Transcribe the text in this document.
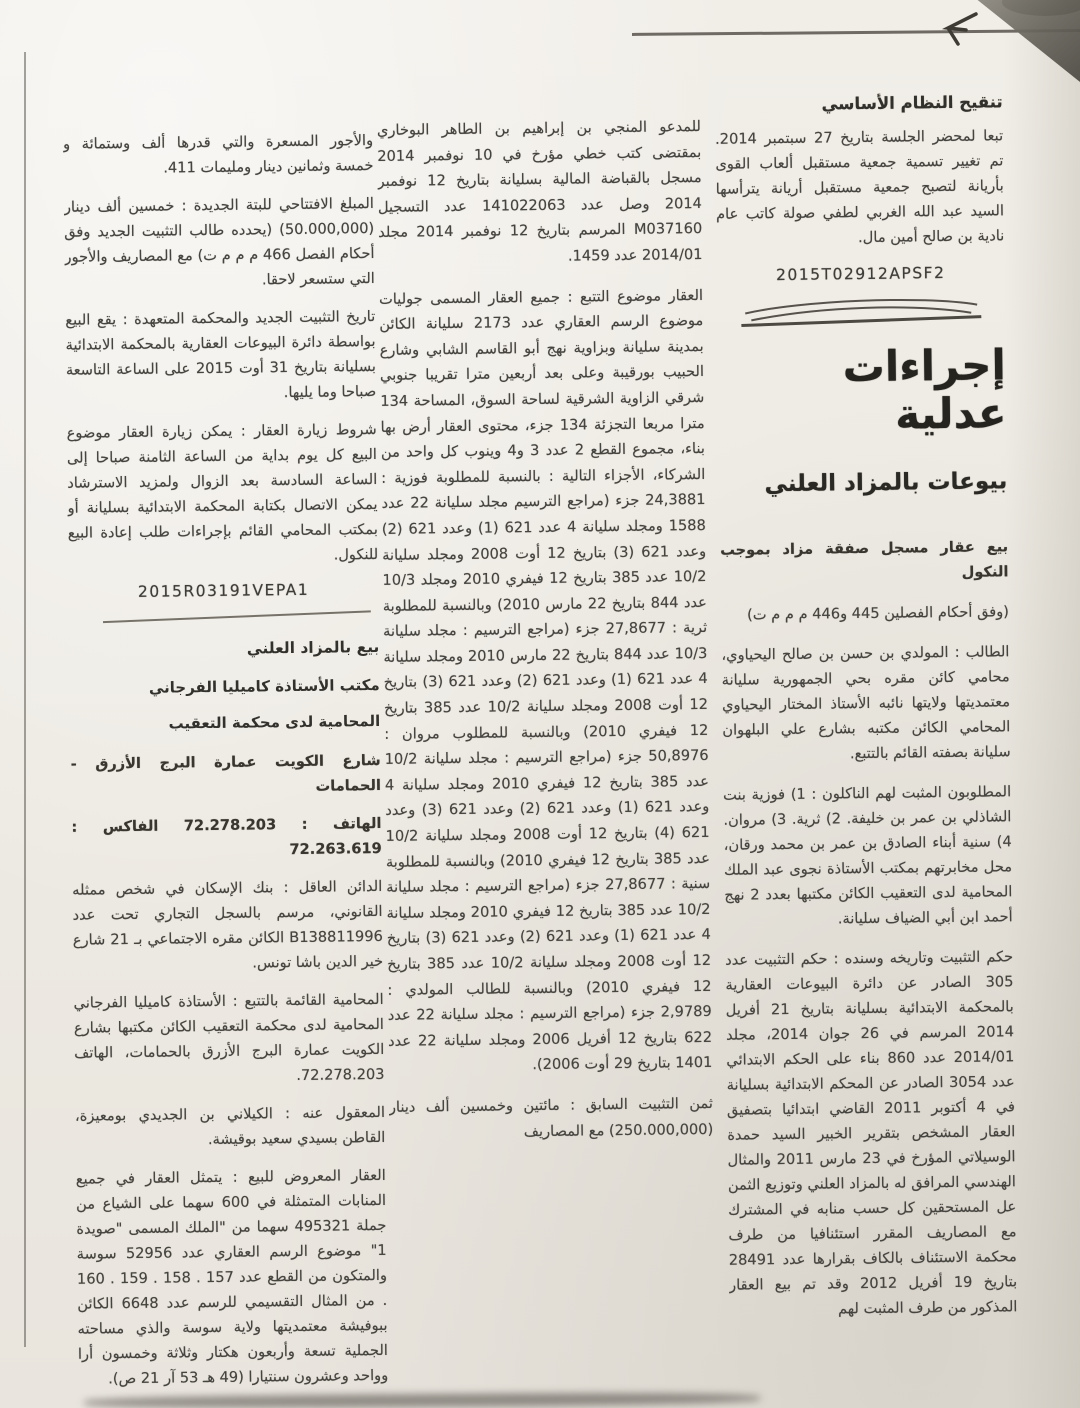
تنقيح النظام الأساسي

تبعا لمحضر الجلسة بتاريخ 27 سبتمبر 2014. تم تغيير تسمية جمعية مستقبل ألعاب القوى بأريانة لتصبح جمعية مستقبل أريانة يترأسها السيد عبد الله الغربي لطفي صولة كاتب عام نادية بن صالح أمين مال.

2015T02912APSF2
إجراءات عدلية
بيوعات بالمزاد العلني

بيع عقار مسجل صفقة مزاد بموجب النكول

(وفق أحكام الفصلين 445 و446 م م م ت)

الطالب : المولدي بن حسن بن صالح اليحياوي، محامي كائن مقره بحي الجمهورية سليانة معتمديتها ولايتها نائبه الأستاذ المختار اليحياوي المحامي الكائن مكتبه بشارع علي البلهوان سليانة بصفته القائم بالتتبع.

المطلوبون المثبت لهم الناكلون : 1) فوزية بنت الشاذلي بن عمر بن خليفة. 2) ثرية. 3) مروان. 4) سنية أبناء الصادق بن عمر بن محمد ورقان، محل مخابرتهم بمكتب الأستاذة نجوى عبد الملك المحامية لدى التعقيب الكائن مكتبها بعدد 2 نهج أحمد ابن أبي الضياف سليانة.

حكم التثبيت وتاريخه وسنده : حكم التثبيت عدد 305 الصادر عن دائرة البيوعات العقارية بالمحكمة الابتدائية بسليانة بتاريخ 21 أفريل 2014 المرسم في 26 جوان 2014، مجلد 2014/01 عدد 860 بناء على الحكم الابتدائي عدد 3054 الصادر عن المحكم الابتدائية بسليانة في 4 أكتوبر 2011 القاضي ابتدائيا بتصفيق العقار المشخص بتقرير الخبير السيد حمدة الوسيلاتي المؤرخ في 23 مارس 2011 والمثال الهندسي المرافق له بالمزاد العلني وتوزيع الثمن عل المستحقين كل حسب منابه في المشترك مع المصاريف المقرر استئنافيا من طرف محكمة الاستئناف بالكاف بقرارها عدد 28491 بتاريخ 19 أفريل 2012 وقد تم بيع العقار المذكور من طرف المثبت لهم

للمدعو المنجي بن إبراهيم بن الطاهر البوخاري بمقتضى كتب خطي مؤرخ في 10 نوفمبر 2014 مسجل بالقباضة المالية بسليانة بتاريخ 12 نوفمبر 2014 وصل عدد 141022063 عدد التسجيل M037160 المرسم بتاريخ 12 نوفمبر 2014 مجلد 2014/01 عدد 1459.

العقار موضوع التتبع : جميع العقار المسمى جوليات موضوع الرسم العقاري عدد 2173 سليانة الكائن بمدينة سليانة وبزاوية نهج أبو القاسم الشابي وشارع الحبيب بورقيبة وعلى بعد أربعين مترا تقريبا جنوبي شرقي الزاوية الشرقية لساحة السوق، المساحة 134 مترا مربعا التجزئة 134 جزء، محتوى العقار أرض بها بناء، مجموع القطع 2 عدد 3 و4 وينوب كل واحد من الشركاء، الأجزاء التالية : بالنسبة للمطلوبة فوزية : 24,3881 جزء (مراجع الترسيم مجلد سليانة 22 عدد 1588 ومجلد سليانة 4 عدد 621 (1) وعدد 621 (2) وعدد 621 (3) بتاريخ 12 أوت 2008 ومجلد سليانة 10/2 عدد 385 بتاريخ 12 فيفري 2010 ومجلد 10/3 عدد 844 بتاريخ 22 مارس 2010) وبالنسبة للمطلوبة ثرية : 27,8677 جزء (مراجع الترسيم : مجلد سليانة 10/3 عدد 844 بتاريخ 22 مارس 2010 ومجلد سليانة 4 عدد 621 (1) وعدد 621 (2) وعدد 621 (3) بتاريخ 12 أوت 2008 ومجلد سليانة 10/2 عدد 385 بتاريخ 12 فيفري 2010) وبالنسبة للمطلوب مروان : 50,8976 جزء (مراجع الترسيم : مجلد سليانة 10/2 عدد 385 بتاريخ 12 فيفري 2010 ومجلد سليانة 4 وعدد 621 (1) وعدد 621 (2) وعدد 621 (3) وعدد 621 (4) بتاريخ 12 أوت 2008 ومجلد سليانة 10/2 عدد 385 بتاريخ 12 فيفري 2010) وبالنسبة للمطلوبة سنية : 27,8677 جزء (مراجع الترسيم : مجلد سليانة 10/2 عدد 385 بتاريخ 12 فيفري 2010 ومجلد سليانة 4 عدد 621 (1) وعدد 621 (2) وعدد 621 (3) بتاريخ 12 أوت 2008 ومجلد سليانة 10/2 عدد 385 بتاريخ 12 فيفري 2010) وبالنسبة للطالب المولدي : 2,9789 جزء (مراجع الترسيم : مجلد سليانة 22 عدد 622 بتاريخ 12 أفريل 2006 ومجلد سليانة 22 عدد 1401 بتاريخ 29 أوت 2006).

ثمن التثبيت السابق : مائتين وخمسين ألف دينار (250.000,000) مع المصاريف

والأجور المسعرة والتي قدرها ألف وستمائة و خمسة وثمانين دينار ومليمات 411.

المبلغ الافتتاحي للبتة الجديدة : خمسين ألف دينار (50.000,000) (يحدده طالب التثبيت الجديد وفق أحكام الفصل 466 م م م ت) مع المصاريف والأجور التي ستسعر لاحقا.

تاريخ التثبيت الجديد والمحكمة المتعهدة : يقع البيع بواسطة دائرة البيوعات العقارية بالمحكمة الابتدائية بسليانة بتاريخ 31 أوت 2015 على الساعة التاسعة صباحا وما يليها.

شروط زيارة العقار : يمكن زيارة العقار موضوع البيع كل يوم بداية من الساعة الثامنة صباحا إلى الساعة السادسة بعد الزوال ولمزيد الاسترشاد يمكن الاتصال بكتابة المحكمة الابتدائية بسليانة أو بمكتب المحامي القائم بإجراءات طلب إعادة البيع للنكول.

2015R03191VEPA1
بيع بالمزاد العلني
مكتب الأستاذة كاميليا الفرجاني
المحامية لدى محكمة التعقيب

شارع الكويت عمارة البرج الأزرق - الحمامات

الهاتف : 72.278.203 الفاكس : 72.263.619

الدائن العاقل : بنك الإسكان في شخص ممثله القانوني، مرسم بالسجل التجاري تحت عدد B138811996 الكائن مقره الاجتماعي بـ 21 شارع خير الدين باشا تونس.

المحامية القائمة بالتتبع : الأستاذة كاميليا الفرجاني المحامية لدى محكمة التعقيب الكائن مكتبها بشارع الكويت عمارة البرج الأزرق بالحمامات، الهاتف 72.278.203.

المعقول عنه : الكيلاني بن الجديدي بومعيزة، القاطن بسيدي سعيد بوقيشة.

العقار المعروض للبيع : يتمثل العقار في جميع المنابات المتمثلة في 600 سهما على الشياع من جملة 495321 سهما من "الملك المسمى "صويدة 1" موضوع الرسم العقاري عدد 52956 سوسة والمتكون من القطع عدد 157 . 158 . 159 . 160 . من المثال التقسيمي للرسم عدد 6648 الكائن ببوفيشة معتمديتها ولاية سوسة والذي مساحته الجملية تسعة وأربعون هكتار وثلاثة وخمسون أرا وواحد وعشرون سنتيارا (49 هـ 53 آر 21 ص).
